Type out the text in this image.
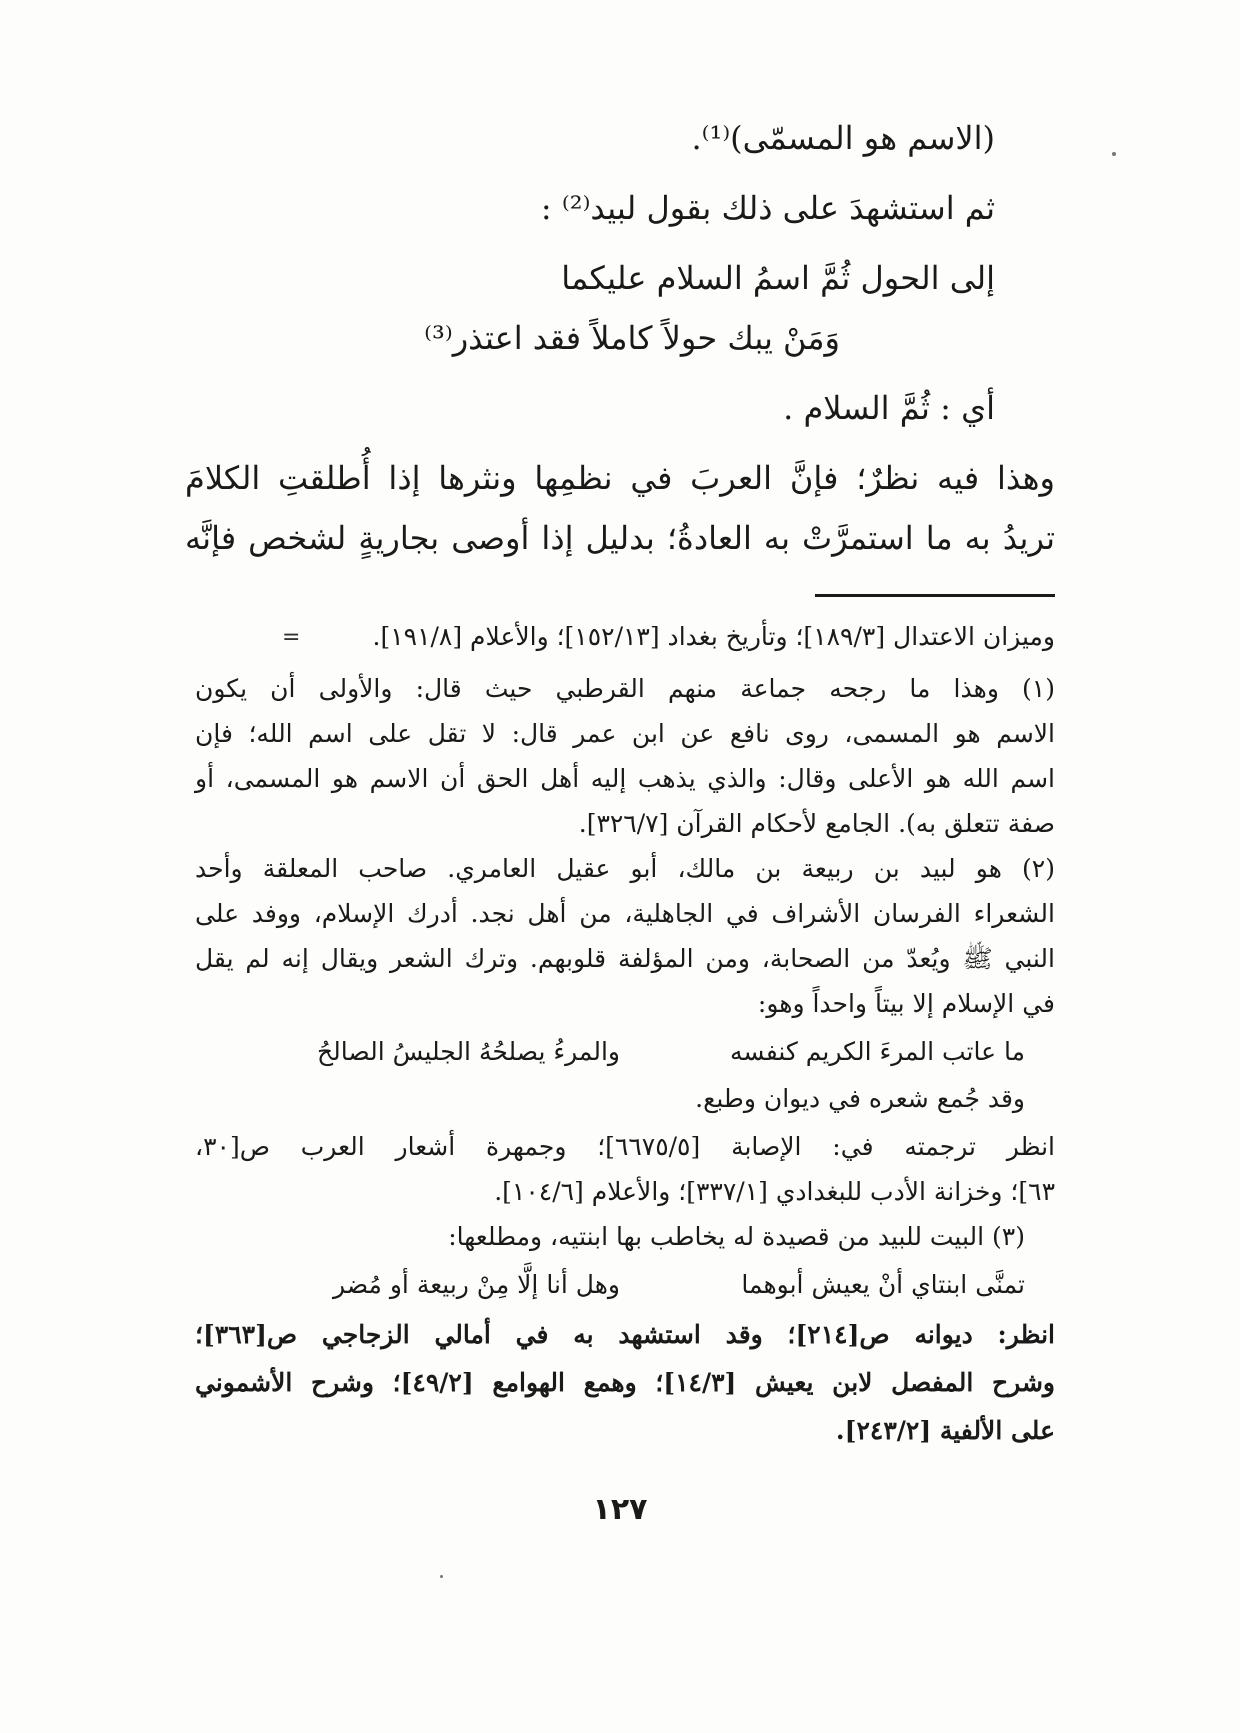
(الاسم هو المسمّى)⁽¹⁾.
ثم استشهدَ على ذلك بقول لبيد⁽²⁾ :
إلى الحول ثُمَّ اسمُ السلام عليكما
وَمَنْ يبك حولاً كاملاً فقد اعتذر⁽³⁾
أي : ثُمَّ السلام .
وهذا فيه نظرٌ؛ فإنَّ العربَ في نظمِها ونثرها إذا أُطلقتِ الكلامَ
تريدُ به ما استمرَّتْ به العادةُ؛ بدليل إذا أوصى بجاريةٍ لشخص فإنَّه
=	وميزان الاعتدال [١٨٩/٣]؛ وتأريخ بغداد [١٥٢/١٣]؛ والأعلام [١٩١/٨].
(١) وهذا ما رجحه جماعة منهم القرطبي حيث قال: والأولى أن يكون
الاسم هو المسمى، روى نافع عن ابن عمر قال: لا تقل على اسم الله؛ فإن
اسم الله هو الأعلى وقال: والذي يذهب إليه أهل الحق أن الاسم هو المسمى، أو
صفة تتعلق به). الجامع لأحكام القرآن [٣٢٦/٧].
(٢) هو لبيد بن ربيعة بن مالك، أبو عقيل العامري. صاحب المعلقة وأحد
الشعراء الفرسان الأشراف في الجاهلية، من أهل نجد. أدرك الإسلام، ووفد على
النبي ﷺ ويُعدّ من الصحابة، ومن المؤلفة قلوبهم. وترك الشعر ويقال إنه لم يقل
في الإسلام إلا بيتاً واحداً وهو:
ما عاتب المرءَ الكريم كنفسه
والمرءُ يصلحُهُ الجليسُ الصالحُ
وقد جُمع شعره في ديوان وطبع.
انظر ترجمته في: الإصابة [٦٦٧٥/٥]؛ وجمهرة أشعار العرب ص[٣٠،
٦٣]؛ وخزانة الأدب للبغدادي [٣٣٧/١]؛ والأعلام [١٠٤/٦].
(٣) البيت للبيد من قصيدة له يخاطب بها ابنتيه، ومطلعها:
تمنَّى ابنتاي أنْ يعيش أبوهما
وهل أنا إلَّا مِنْ ربيعة أو مُضر
انظر: ديوانه ص[٢١٤]؛ وقد استشهد به في أمالي الزجاجي ص[٣٦٣]؛
وشرح المفصل لابن يعيش [١٤/٣]؛ وهمع الهوامع [٤٩/٢]؛ وشرح الأشموني
على الألفية [٢٤٣/٢].
١٢٧
